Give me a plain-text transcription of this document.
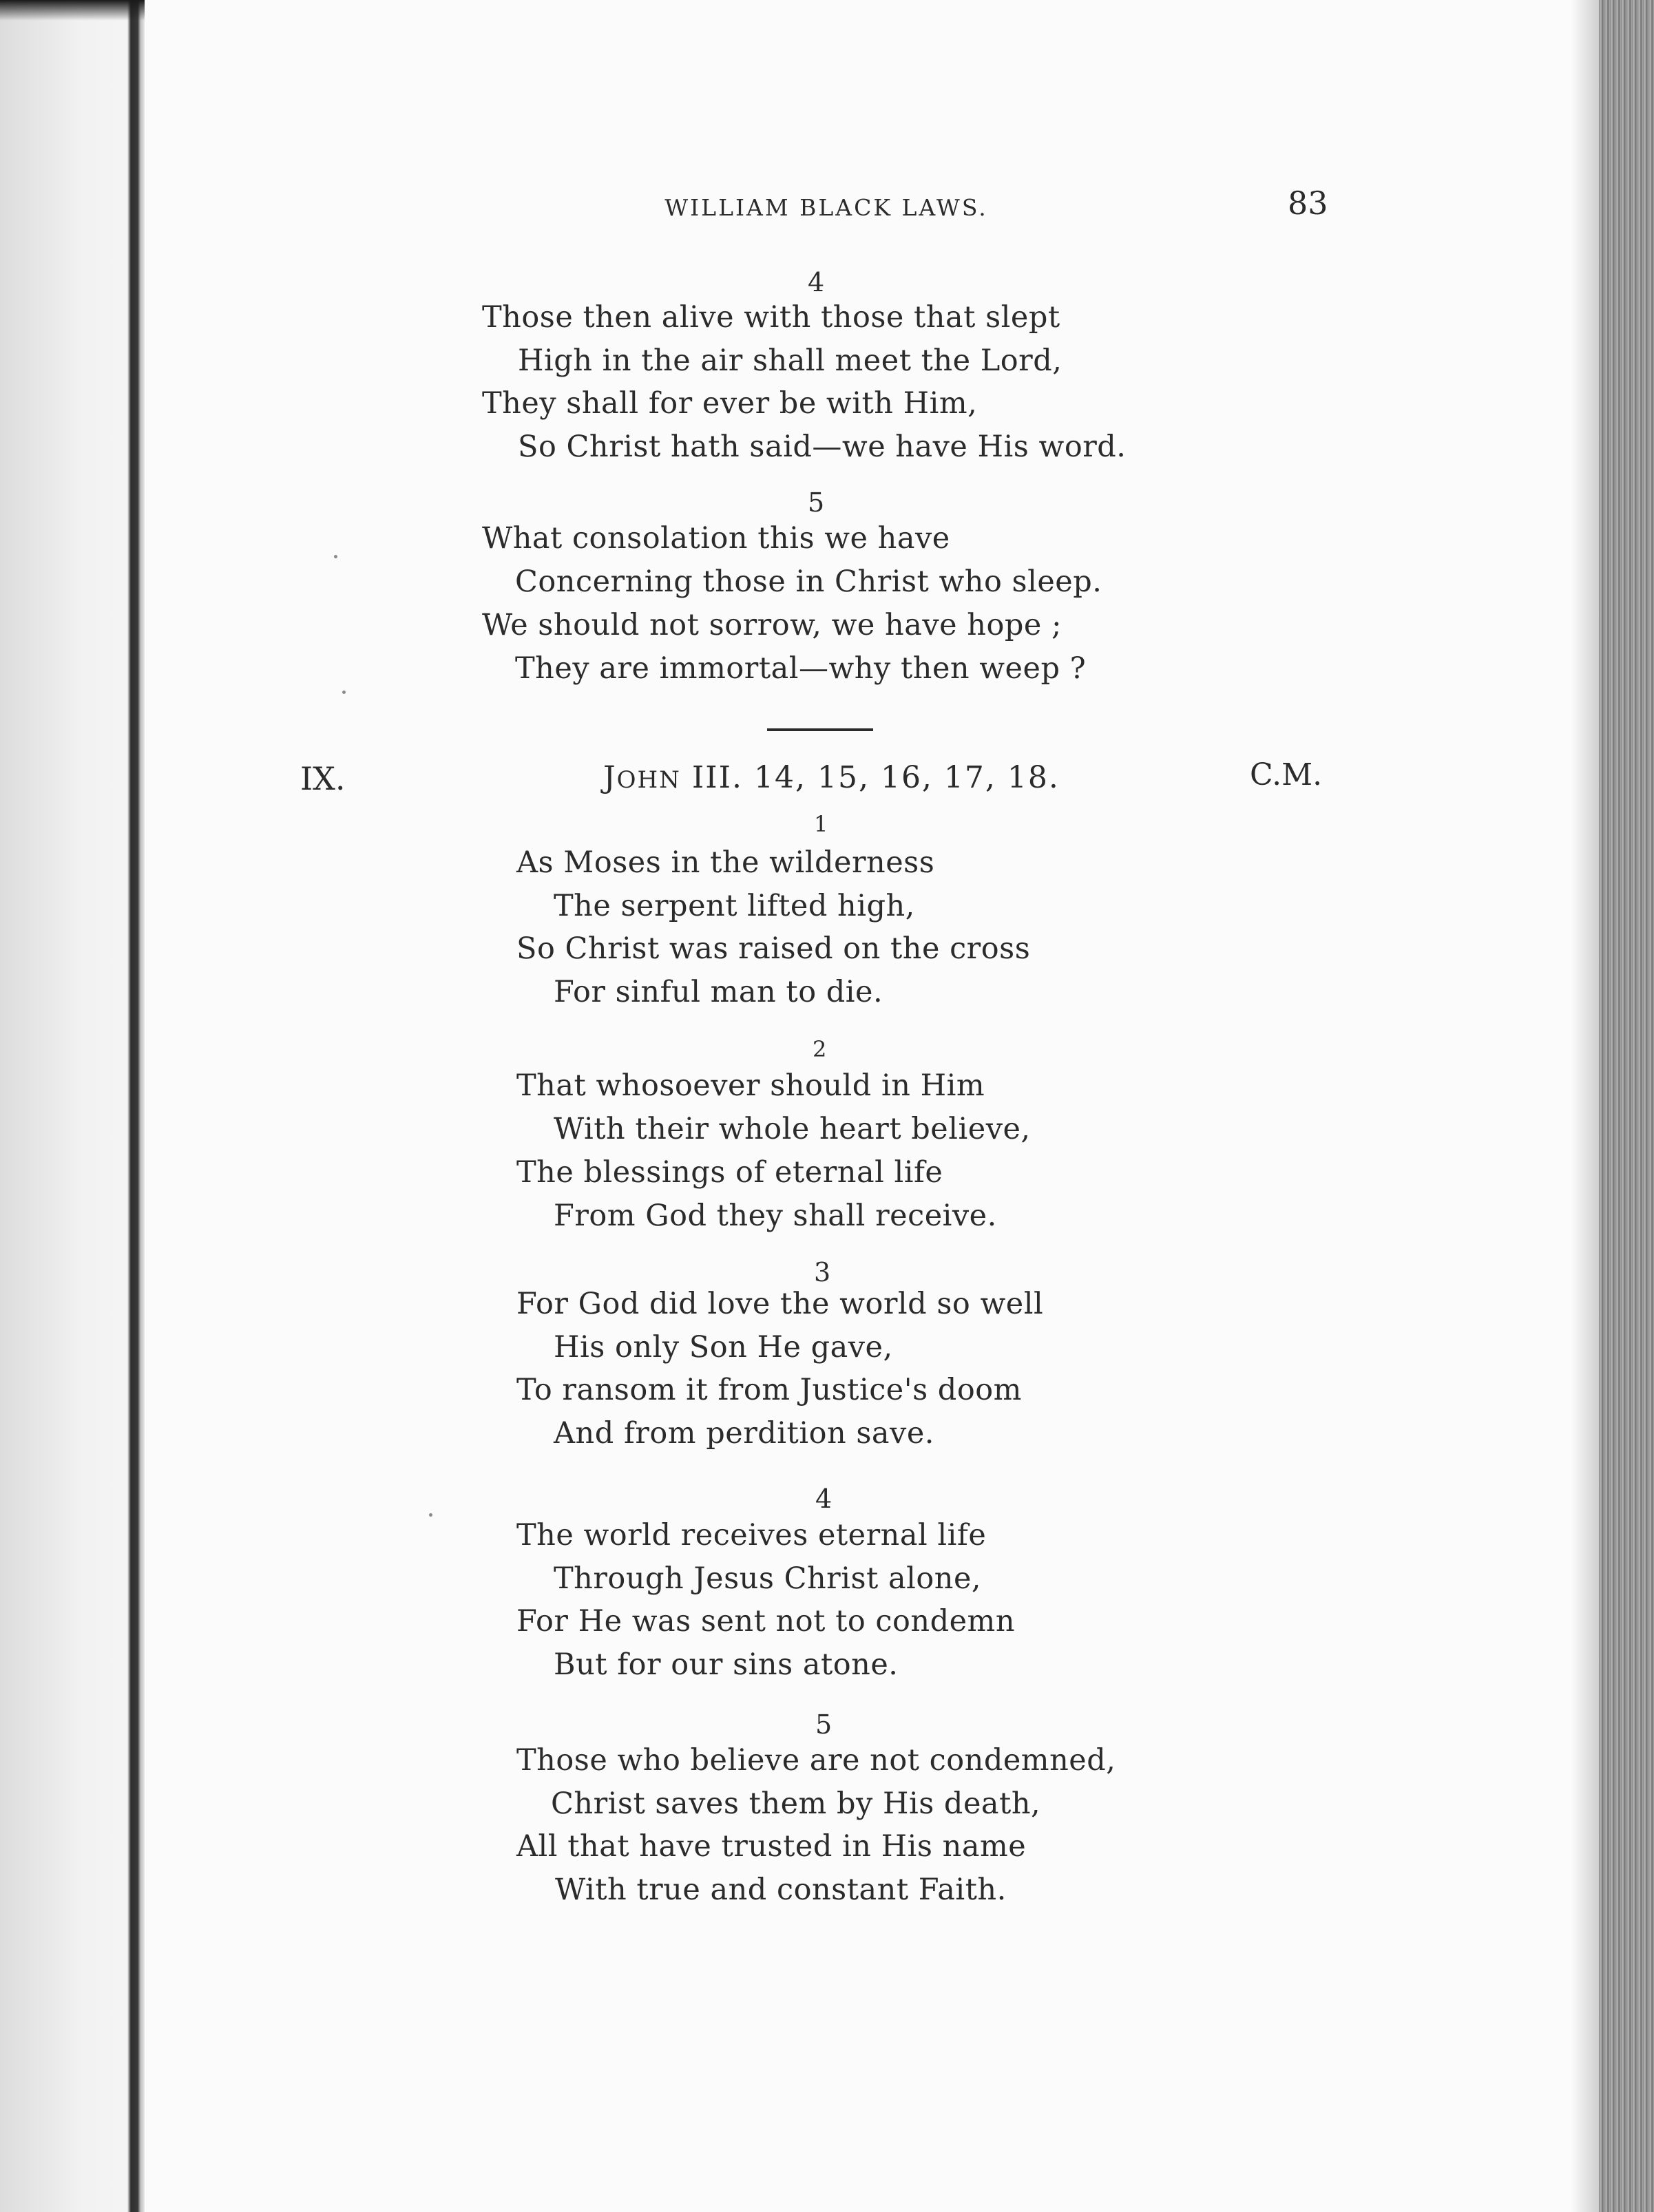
WILLIAM BLACK LAWS.	83
4
Those then alive with those that slept
High in the air shall meet the Lord,
They shall for ever be with Him,
So Christ hath said—we have His word.
5
What consolation this we have
Concerning those in Christ who sleep.
We should not sorrow, we have hope ;
They are immortal—why then weep ?
IX.	JOHN III. 14, 15, 16, 17, 18.	C.M.
1
As Moses in the wilderness
The serpent lifted high,
So Christ was raised on the cross
For sinful man to die.
2
That whosoever should in Him
With their whole heart believe,
The blessings of eternal life
From God they shall receive.
3
For God did love the world so well
His only Son He gave,
To ransom it from Justice's doom
And from perdition save.
4
The world receives eternal life
Through Jesus Christ alone,
For He was sent not to condemn
But for our sins atone.
5
Those who believe are not condemned,
Christ saves them by His death,
All that have trusted in His name
With true and constant Faith.
